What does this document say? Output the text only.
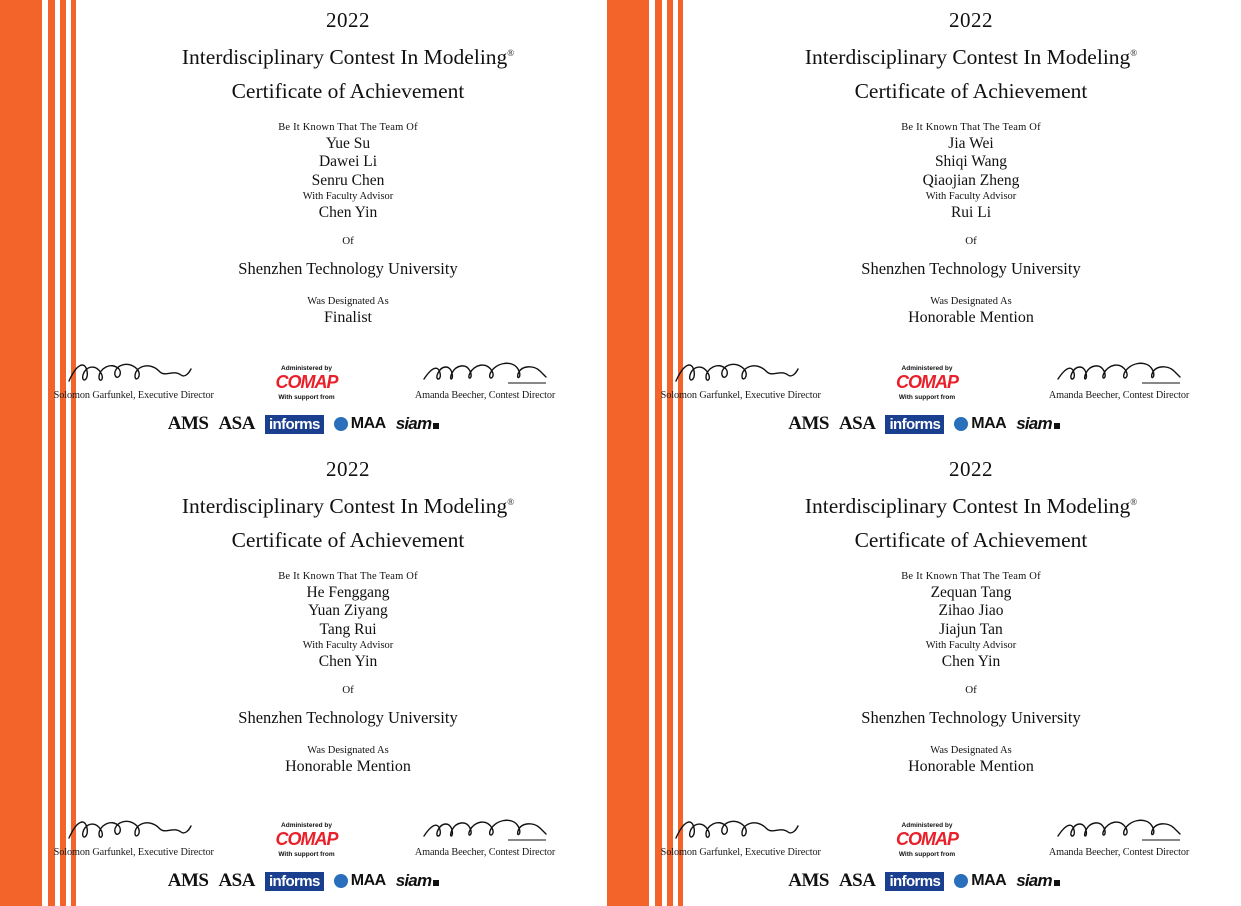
2022
Interdisciplinary Contest In Modeling®
Certificate of Achievement
Be It Known That The Team Of
Yue Su
Dawei Li
Senru Chen
With Faculty Advisor
Chen Yin
Of
Shenzhen Technology University
Was Designated As
Finalist
Solomon Garfunkel, Executive Director
Administered by
COMAP
With support from	Amanda Beecher, Contest Director
AMS ASA informs MAA siam
2022
Interdisciplinary Contest In Modeling®
Certificate of Achievement
Be It Known That The Team Of
Jia Wei
Shiqi Wang
Qiaojian Zheng
With Faculty Advisor
Rui Li
Of
Shenzhen Technology University
Was Designated As
Honorable Mention
Solomon Garfunkel, Executive Director
Administered by
COMAP
With support from	Amanda Beecher, Contest Director
AMS ASA informs MAA siam
2022
Interdisciplinary Contest In Modeling®
Certificate of Achievement
Be It Known That The Team Of
He Fenggang
Yuan Ziyang
Tang Rui
With Faculty Advisor
Chen Yin
Of
Shenzhen Technology University
Was Designated As
Honorable Mention
Solomon Garfunkel, Executive Director
Administered by
COMAP
With support from	Amanda Beecher, Contest Director
AMS ASA informs MAA siam
2022
Interdisciplinary Contest In Modeling®
Certificate of Achievement
Be It Known That The Team Of
Zequan Tang
Zihao Jiao
Jiajun Tan
With Faculty Advisor
Chen Yin
Of
Shenzhen Technology University
Was Designated As
Honorable Mention
Solomon Garfunkel, Executive Director
Administered by
COMAP
With support from	Amanda Beecher, Contest Director
AMS ASA informs MAA siam
